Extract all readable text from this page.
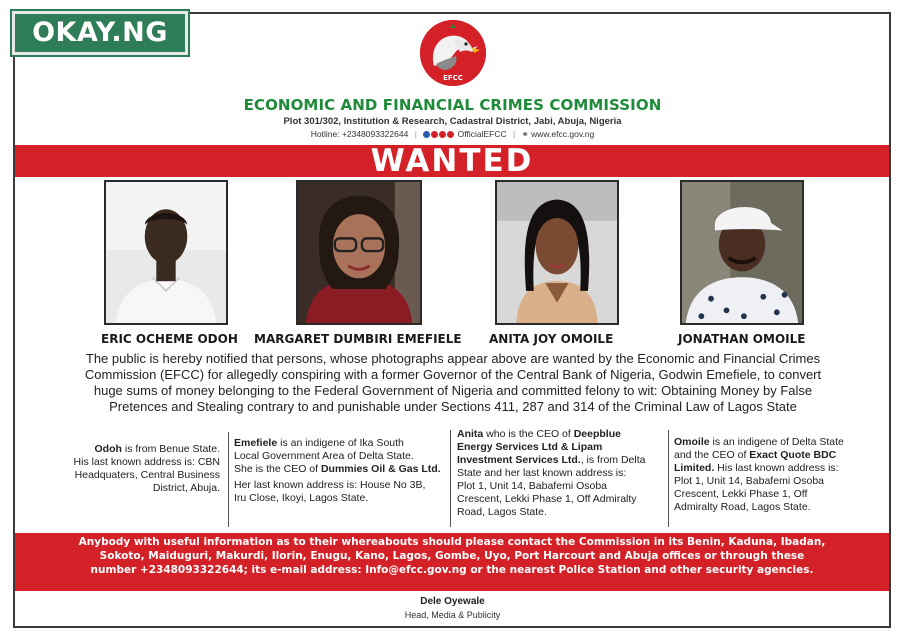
OKAY.NG
EFCC
ECONOMIC AND FINANCIAL CRIMES COMMISSION
Plot 301/302, Institution & Research, Cadastral District, Jabi, Abuja, Nigeria
Hotline: +2348093322644 |	OfficialEFCC | ⚭ www.efcc.gov.ng
WANTED
ERIC OCHEME ODOH MARGARET DUMBIRI EMEFIELE ANITA JOY OMOILE	JONATHAN OMOILE
The public is hereby notified that persons, whose photographs appear above are wanted by the Economic and Financial Crimes
Commission (EFCC) for allegedly conspiring with a former Governor of the Central Bank of Nigeria, Godwin Emefiele, to convert
huge sums of money belonging to the Federal Government of Nigeria and committed felony to wit: Obtaining Money by False
Pretences and Stealing contrary to and punishable under Sections 411, 287 and 314 of the Criminal Law of Lagos State

Odoh is from Benue State.

His last known address is: CBN

Headquaters, Central Business

District, Abuja.

Emefiele is an indigene of Ika South

Local Government Area of Delta State.

She is the CEO of Dummies Oil & Gas Ltd.

Her last known address is: House No 3B,

Iru Close, Ikoyi, Lagos State.

Anita who is the CEO of Deepblue

Energy Services Ltd & Lipam

Investment Services Ltd., is from Delta

State and her last known address is:

Plot 1, Unit 14, Babafemi Osoba

Crescent, Lekki Phase 1, Off Admiralty

Road, Lagos State.

Omoile is an indigene of Delta State

and the CEO of Exact Quote BDC

Limited. His last known address is:

Plot 1, Unit 14, Babafemi Osoba

Crescent, Lekki Phase 1, Off

Admiralty Road, Lagos State.

Anybody with useful information as to their whereabouts should please contact the Commission in its Benin, Kaduna, Ibadan,
Sokoto, Maiduguri, Makurdi, Ilorin, Enugu, Kano, Lagos, Gombe, Uyo, Port Harcourt and Abuja offices or through these
number +2348093322644; its e-mail address: Info@efcc.gov.ng or the nearest Police Station and other security agencies.
Dele Oyewale
Head, Media & Publicity
